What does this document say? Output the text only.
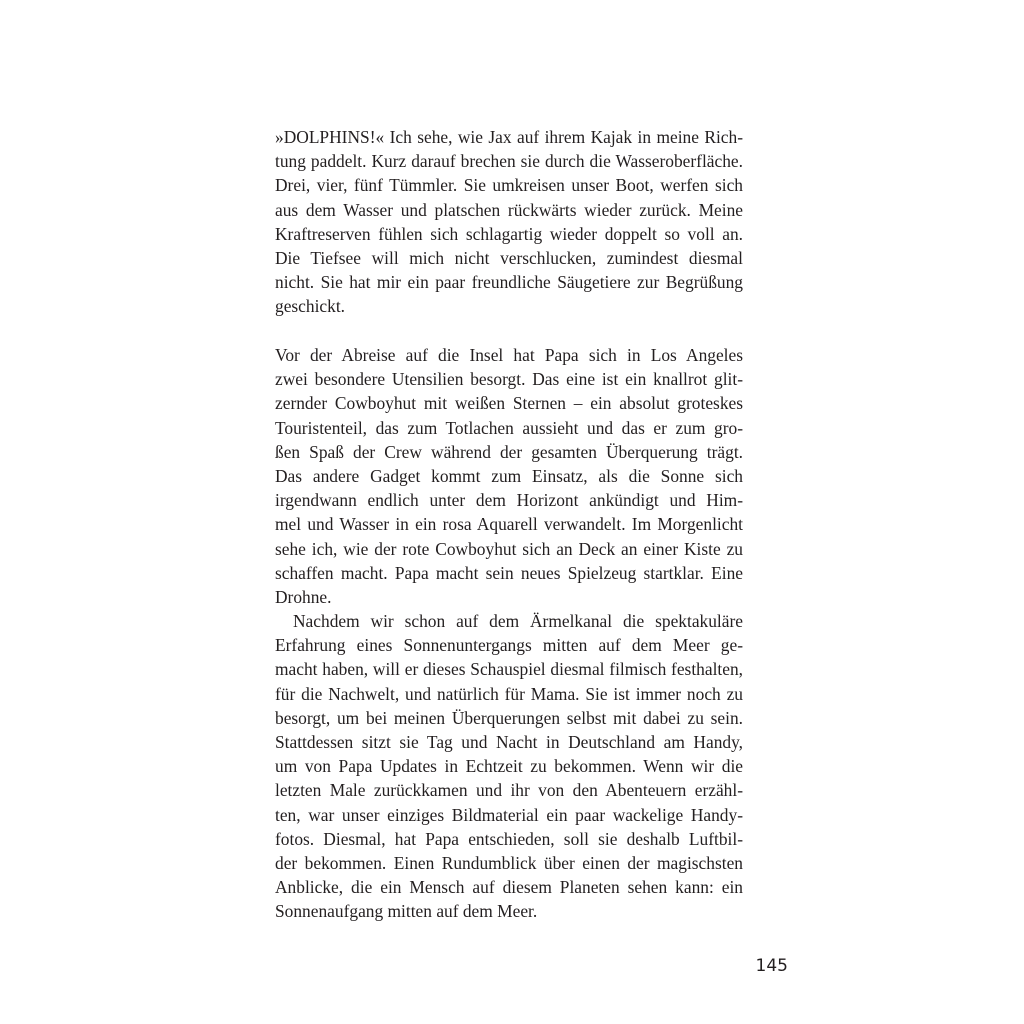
»DOLPHINS!« Ich sehe, wie Jax auf ihrem Kajak in meine Rich-
tung paddelt. Kurz darauf brechen sie durch die Wasseroberfläche.
Drei, vier, fünf Tümmler. Sie umkreisen unser Boot, werfen sich
aus dem Wasser und platschen rückwärts wieder zurück. Meine
Kraftreserven fühlen sich schlagartig wieder doppelt so voll an.
Die Tiefsee will mich nicht verschlucken, zumindest diesmal
nicht. Sie hat mir ein paar freundliche Säugetiere zur Begrüßung
geschickt.
Vor der Abreise auf die Insel hat Papa sich in Los Angeles
zwei besondere Utensilien besorgt. Das eine ist ein knallrot glit-
zernder Cowboyhut mit weißen Sternen – ein absolut groteskes
Touristenteil, das zum Totlachen aussieht und das er zum gro-
ßen Spaß der Crew während der gesamten Überquerung trägt.
Das andere Gadget kommt zum Einsatz, als die Sonne sich
irgendwann endlich unter dem Horizont ankündigt und Him-
mel und Wasser in ein rosa Aquarell verwandelt. Im Morgenlicht
sehe ich, wie der rote Cowboyhut sich an Deck an einer Kiste zu
schaffen macht. Papa macht sein neues Spielzeug startklar. Eine
Drohne.
Nachdem wir schon auf dem Ärmelkanal die spektakuläre
Erfahrung eines Sonnenuntergangs mitten auf dem Meer ge-
macht haben, will er dieses Schauspiel diesmal filmisch festhalten,
für die Nachwelt, und natürlich für Mama. Sie ist immer noch zu
besorgt, um bei meinen Überquerungen selbst mit dabei zu sein.
Stattdessen sitzt sie Tag und Nacht in Deutschland am Handy,
um von Papa Updates in Echtzeit zu bekommen. Wenn wir die
letzten Male zurückkamen und ihr von den Abenteuern erzähl-
ten, war unser einziges Bildmaterial ein paar wackelige Handy-
fotos. Diesmal, hat Papa entschieden, soll sie deshalb Luftbil-
der bekommen. Einen Rundumblick über einen der magischsten
Anblicke, die ein Mensch auf diesem Planeten sehen kann: ein
Sonnenaufgang mitten auf dem Meer.
145
